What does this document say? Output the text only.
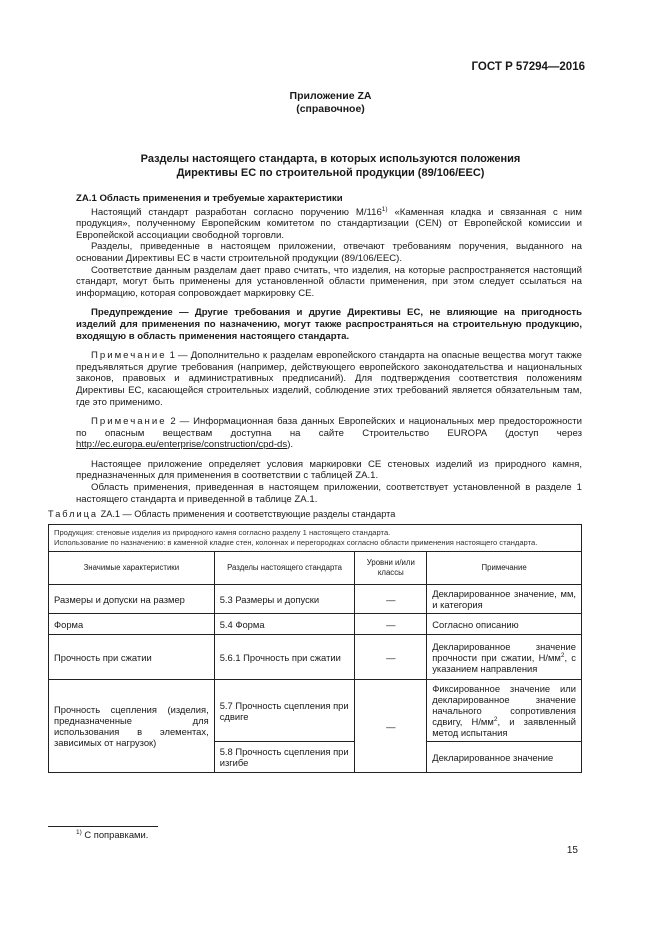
ГОСТ Р 57294—2016
Приложение ZA
(справочное)
Разделы настоящего стандарта, в которых используются положения
Директивы ЕС по строительной продукции (89/106/ЕЕС)
ZA.1 Область применения и требуемые характеристики

Настоящий стандарт разработан согласно поручению М/116$^{1)}$ «Каменная кладка и связанная с ним продукция», полученному Европейским комитетом по стандартизации (CEN) от Европейской комиссии и Европейской ассоциации свободной торговли.

Разделы, приведенные в настоящем приложении, отвечают требованиям поручения, выданного на основании Директивы ЕС в части строительной продукции (89/106/ЕЕС).

Соответствие данным разделам дает право считать, что изделия, на которые распространяется настоящий стандарт, могут быть применены для установленной области применения, при этом следует ссылаться на информацию, которая сопровождает маркировку СЕ.

Предупреждение — Другие требования и другие Директивы ЕС, не влияющие на пригодность изделий для применения по назначению, могут также распространяться на строительную продукцию, входящую в область применения настоящего стандарта.

Примечание 1 — Дополнительно к разделам европейского стандарта на опасные вещества могут также предъявляться другие требования (например, действующего европейского законодательства и национальных законов, правовых и административных предписаний). Для подтверждения соответствия положениям Директивы ЕС, касающейся строительных изделий, соблюдение этих требований является обязательным там, где это применимо.

Примечание 2 — Информационная база данных Европейских и национальных мер предосторожности по опасным веществам доступна на сайте Строительство EUROPA (доступ через http://ec.europa.eu/enterprise/construction/cpd-ds).

Настоящее приложение определяет условия маркировки СЕ стеновых изделий из природного камня, предназначенных для применения в соответствии с таблицей ZA.1.

Область применения, приведенная в настоящем приложении, соответствует установленной в разделе 1 настоящего стандарта и приведенной в таблице ZA.1.

Таблица ZA.1 — Область применения и соответствующие разделы стандарта
Продукция: стеновые изделия из природного камня согласно разделу 1 настоящего стандарта.
Использование по назначению: в каменной кладке стен, колоннах и перегородках согласно области применения настоящего стандарта.			

Значимые характеристики	Разделы настоящего стандарта	Уровни и/или классы	Примечание
Размеры и допуски на размер	5.3 Размеры и допуски	—	Декларированное значение, мм, и категория
Форма	5.4 Форма	—	Согласно описанию
Прочность при сжатии	5.6.1 Прочность при сжатии	—	Декларированное значение прочности при сжатии, $Н/мм^2$, с указанием направления
Прочность сцепления (изделия, предназначенные для использования в элементах, зависимых от нагрузок)	5.7 Прочность сцепления при сдвиге	—	Фиксированное значение или декларированное значение начального сопротивления сдвигу, $Н/мм^2$, и заявленный метод испытания
	5.8 Прочность сцепления при изгибе		Декларированное значение
$^{1)}$ С поправками.
15
